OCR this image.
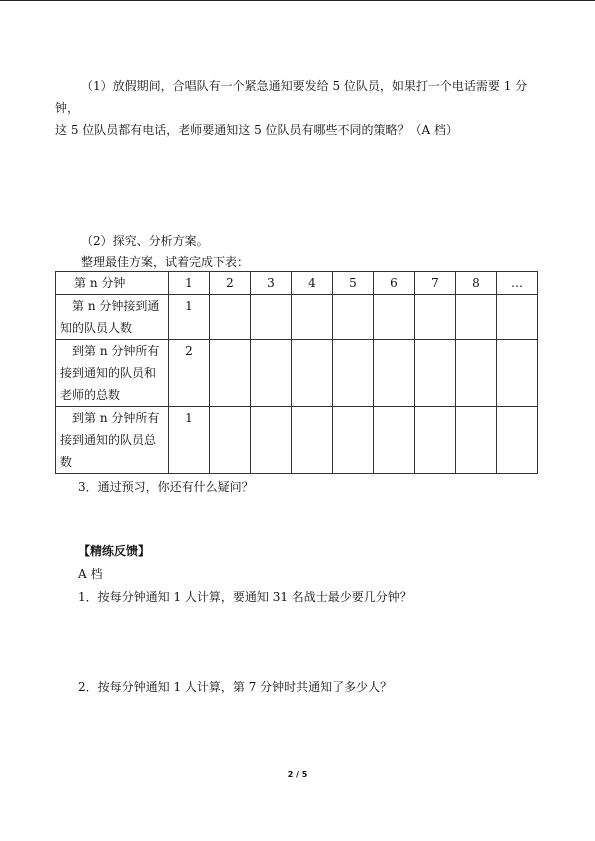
（1）放假期间，合唱队有一个紧急通知要发给 5 位队员，如果打一个电话需要 1 分钟，
这 5 位队员都有电话，老师要通知这 5 位队员有哪些不同的策略？（A 档）
（2）探究、分析方案。
整理最佳方案，试着完成下表：
第 n 分钟	1	2	3	4	5	6	7	8	…

第 n 分钟接到通
知的队员人数	1								

到第 n 分钟所有
接到通知的队员和
老师的总数	2								

到第 n 分钟所有
接到通知的队员总
数	1								
3．通过预习，你还有什么疑问？
【精练反馈】
A 档
1．按每分钟通知 1 人计算，要通知 31 名战士最少要几分钟？
2．按每分钟通知 1 人计算，第 7 分钟时共通知了多少人？
2 / 5
